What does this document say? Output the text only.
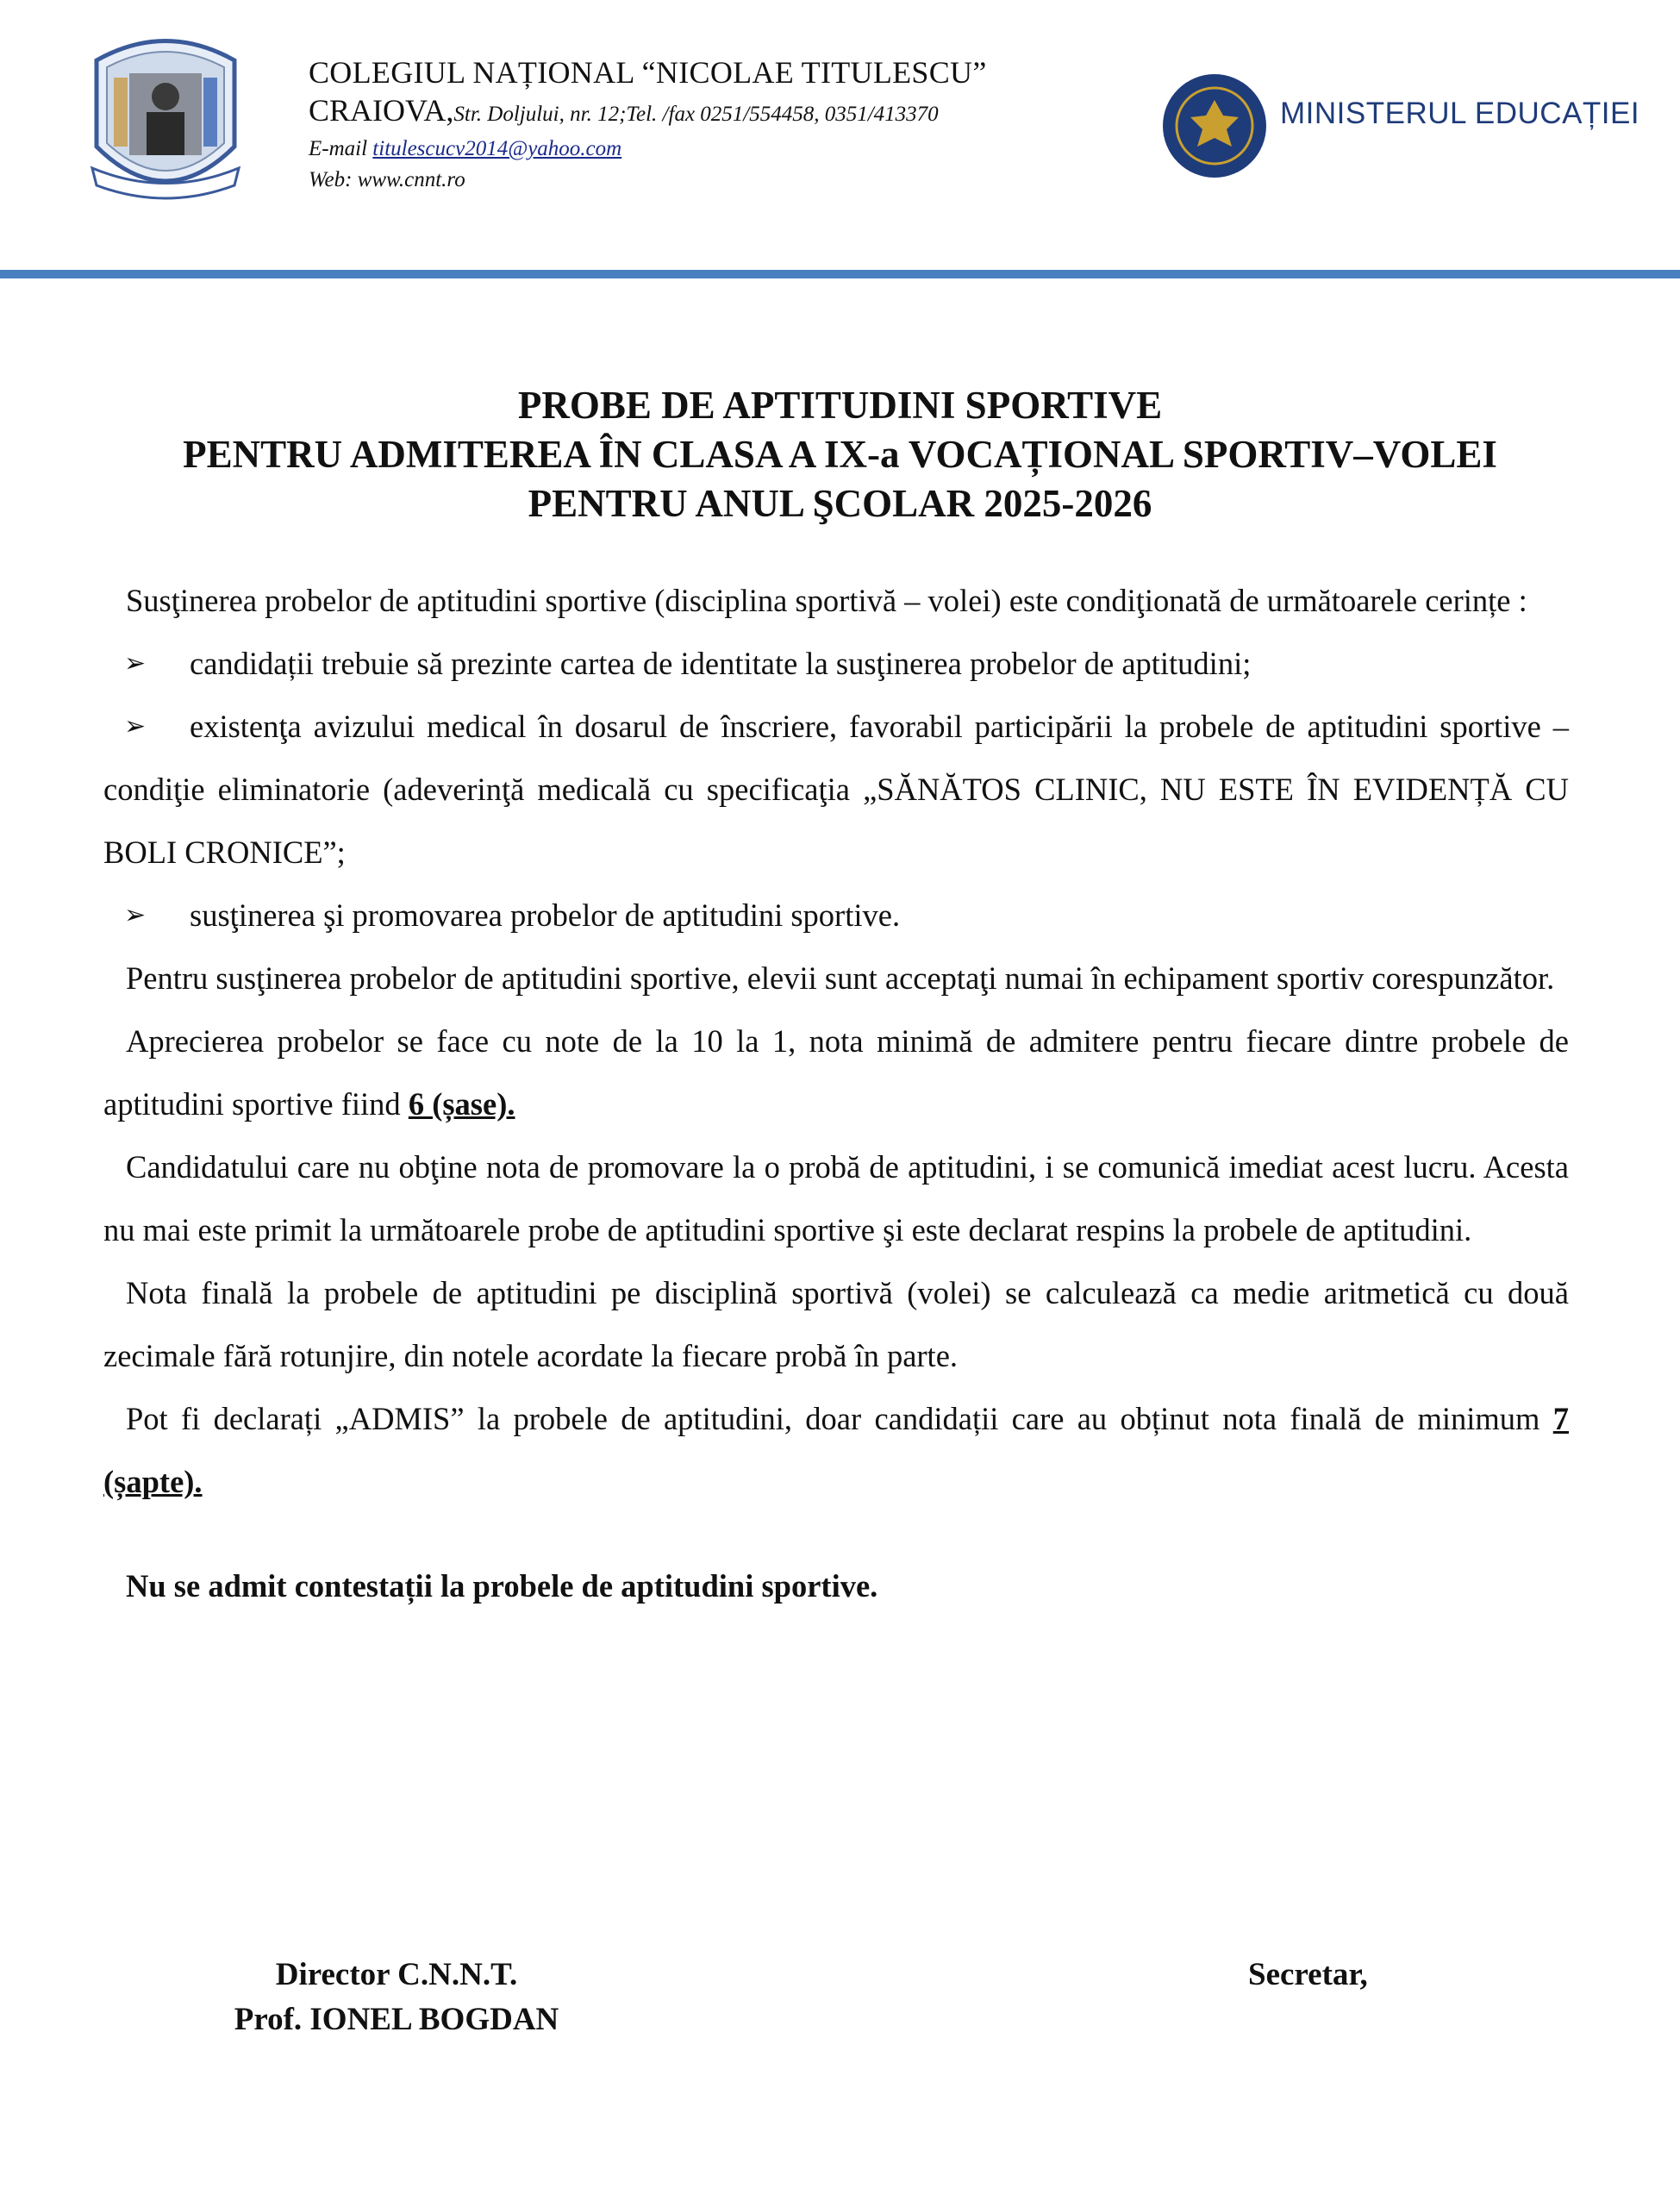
COLEGIUL NAȚIONAL “NICOLAE TITULESCU”
CRAIOVA,Str. Dolj​ului, nr. 12;Tel. /fax 0251/554458, 0351/413370
E-mail titulescucv2014@yahoo.com
Web: www.cnnt.ro
MINISTERUL EDUCAȚIEI
PROBE DE APTITUDINI SPORTIVE
PENTRU ADMITEREA ÎN CLASA A IX-a VOCAȚIONAL SPORTIV–VOLEI
PENTRU ANUL ŞCOLAR 2025-2026

Susţinerea probelor de aptitudini sportive (disciplina sportivă – volei) este condiţionată de următoarele cerințe :

➢ candidații trebuie să prezinte cartea de identitate la susţinerea probelor de aptitudini;

➢ existenţa avizului medical în dosarul de înscriere, favorabil participării la probele de aptitudini sportive – condiţie eliminatorie (adeverinţă medicală cu specificaţia „SĂNĂTOS CLINIC, NU ESTE ÎN EVIDENȚĂ CU BOLI CRONICE”;

➢ susţinerea şi promovarea probelor de aptitudini sportive.

Pentru susţinerea probelor de aptitudini sportive, elevii sunt acceptaţi numai în echipament sportiv corespunzător.

Aprecierea probelor se face cu note de la 10 la 1, nota minimă de admitere pentru fiecare dintre probele de aptitudini sportive fiind 6 (șase).

Candidatului care nu obţine nota de promovare la o probă de aptitudini, i se comunică imediat acest lucru. Acesta nu mai este primit la următoarele probe de aptitudini sportive şi este declarat respins la probele de aptitudini.

Nota finală la probele de aptitudini pe disciplină sportivă (volei) se calculează ca medie aritmetică cu două zecimale fără rotunjire, din notele acordate la fiecare probă în parte.

Pot fi declarați „ADMIS” la probele de aptitudini, doar candidații care au obținut nota finală de minimum 7 (șapte).

Nu se admit contestații la probele de aptitudini sportive.

Director C.N.N.T.
Prof. IONEL BOGDAN
Secretar,
